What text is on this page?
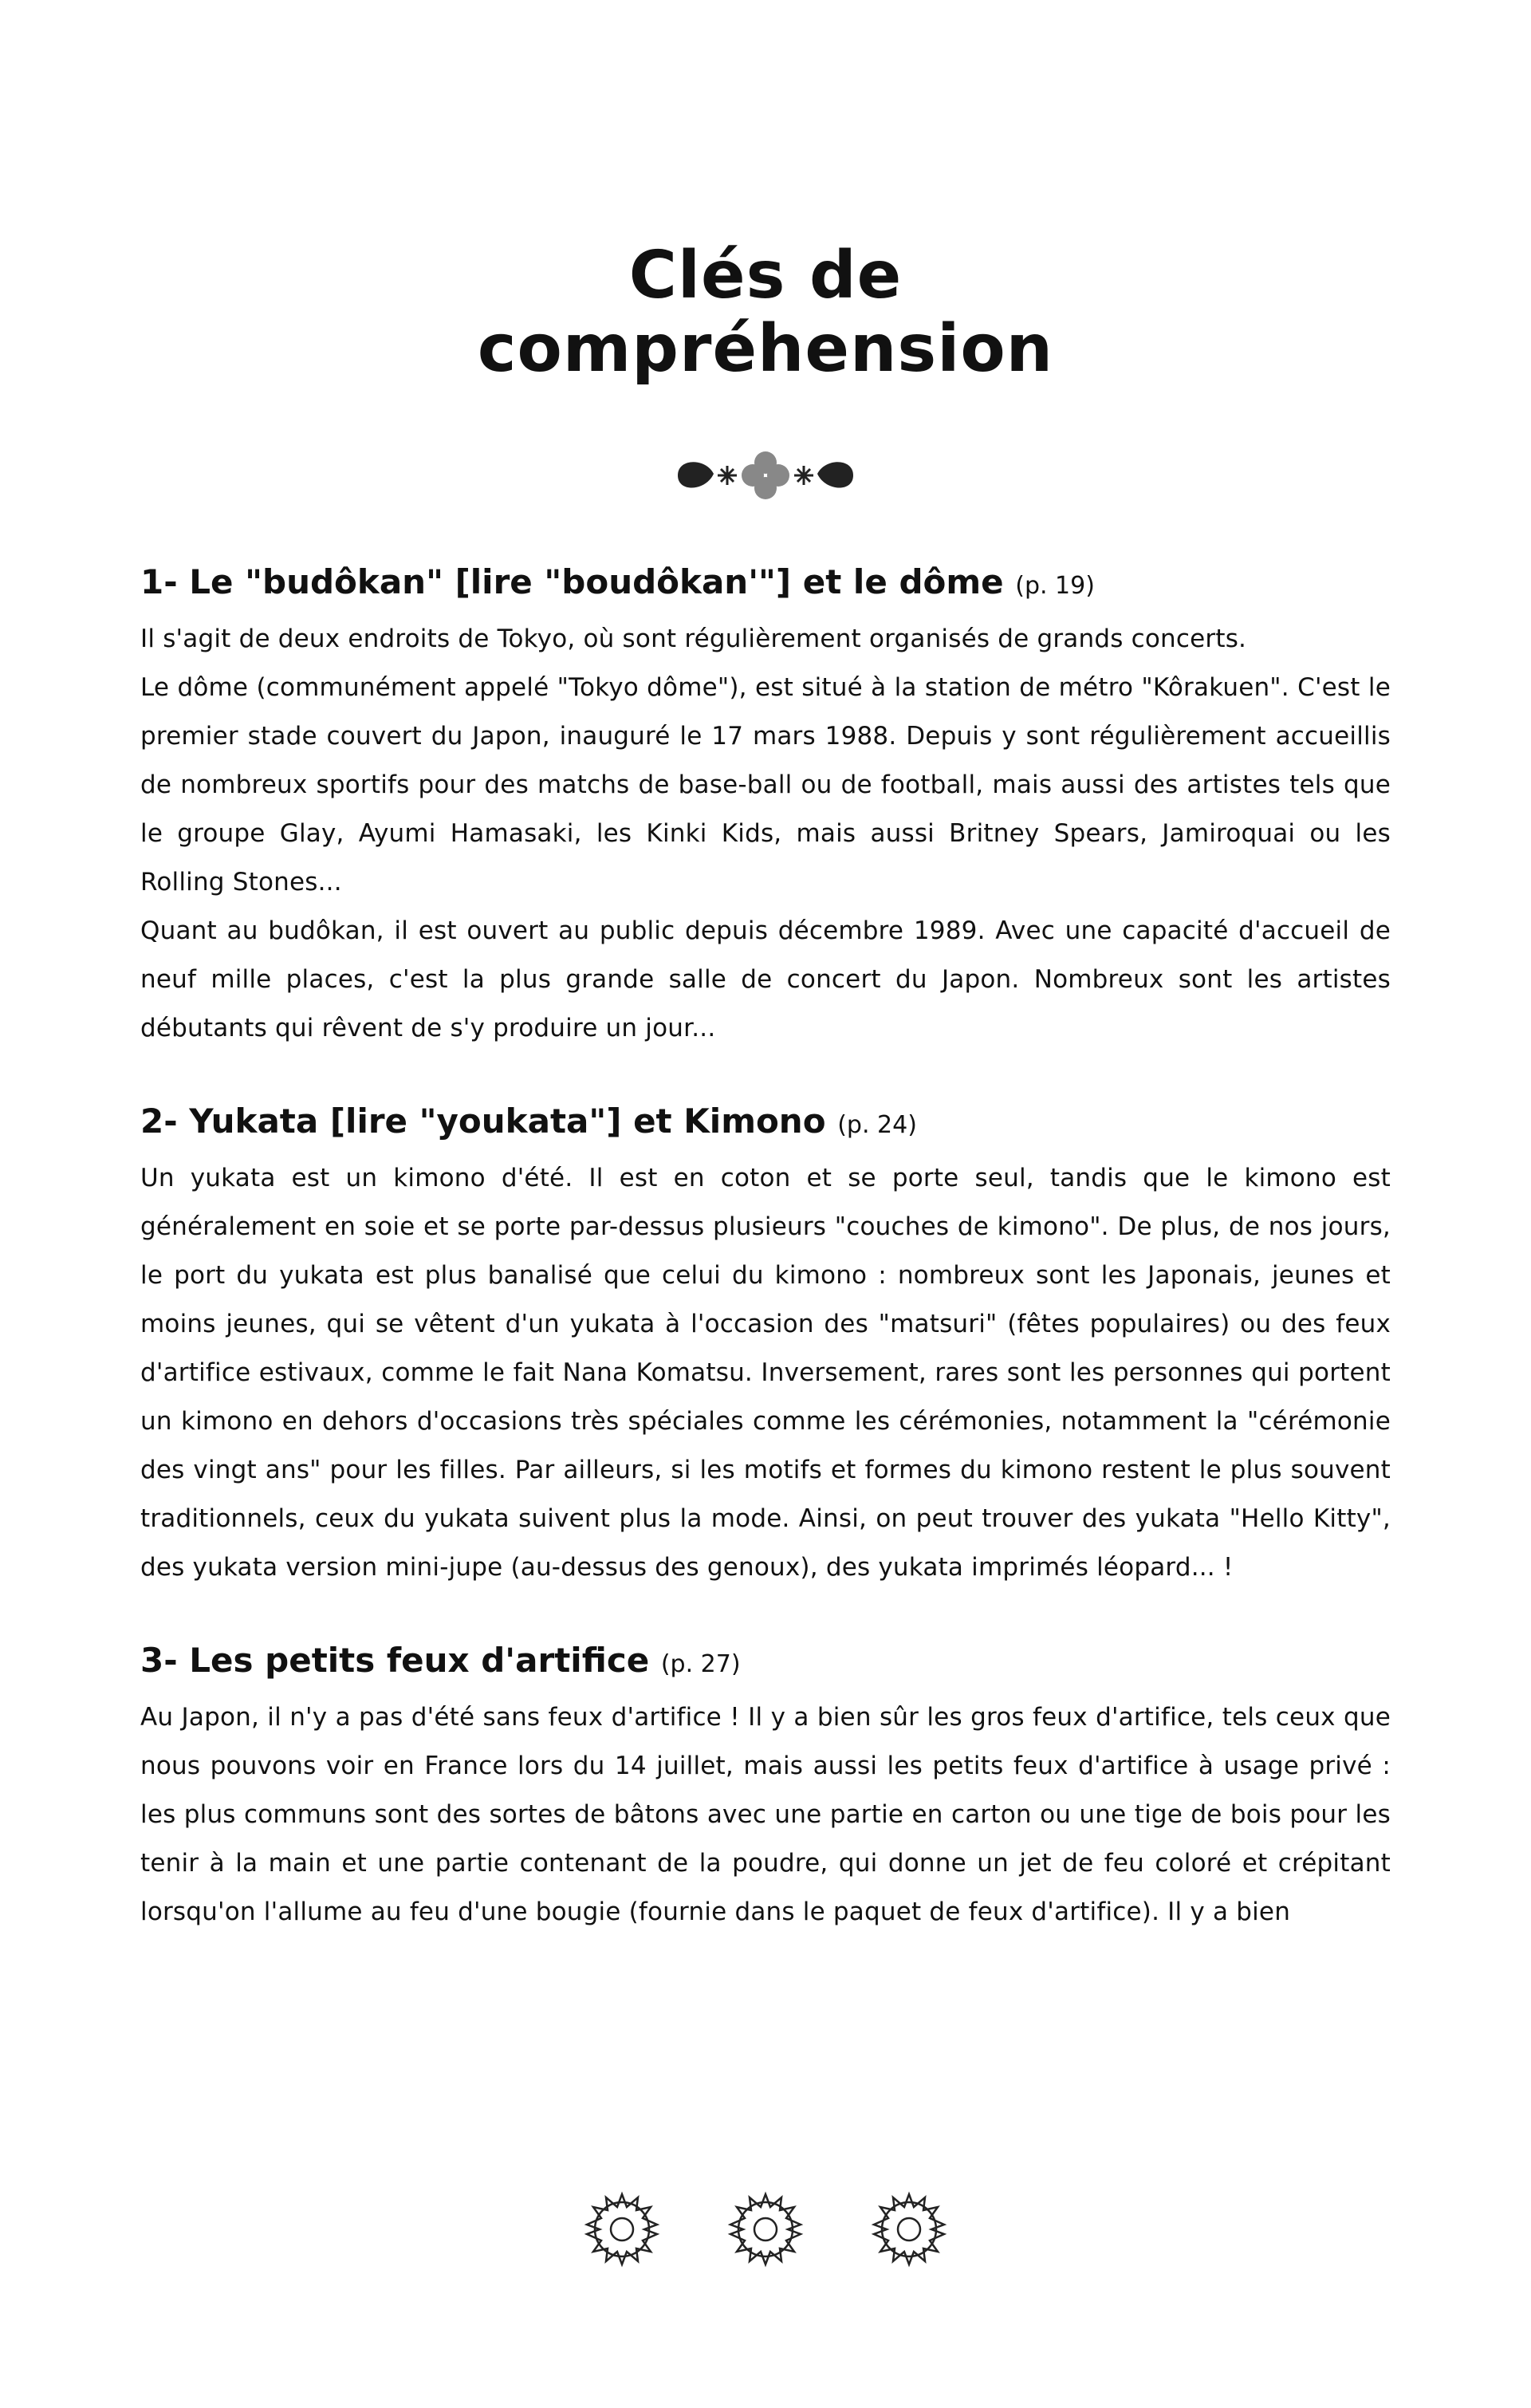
Clés de
compréhension
1- Le "budôkan" [lire "boudôkan'"] et le dôme (p. 19)

Il s'agit de deux endroits de Tokyo, où sont régulièrement organisés de grands concerts.

Le dôme (communément appelé "Tokyo dôme"), est situé à la station de métro "Kôrakuen". C'est le premier stade couvert du Japon, inauguré le 17 mars 1988. Depuis y sont régulièrement accueillis de nombreux sportifs pour des matchs de base-ball ou de football, mais aussi des artistes tels que le groupe Glay, Ayumi Hamasaki, les Kinki Kids, mais aussi Britney Spears, Jamiroquai ou les Rolling Stones...

Quant au budôkan, il est ouvert au public depuis décembre 1989. Avec une capacité d'accueil de neuf mille places, c'est la plus grande salle de concert du Japon. Nombreux sont les artistes débutants qui rêvent de s'y produire un jour...

2- Yukata [lire "youkata"] et Kimono (p. 24)

Un yukata est un kimono d'été. Il est en coton et se porte seul, tandis que le kimono est généralement en soie et se porte par-dessus plusieurs "couches de kimono". De plus, de nos jours, le port du yukata est plus banalisé que celui du kimono : nombreux sont les Japonais, jeunes et moins jeunes, qui se vêtent d'un yukata à l'occasion des "matsuri" (fêtes populaires) ou des feux d'artifice estivaux, comme le fait Nana Komatsu. Inversement, rares sont les personnes qui portent un kimono en dehors d'occasions très spéciales comme les cérémonies, notamment la "cérémonie des vingt ans" pour les filles. Par ailleurs, si les motifs et formes du kimono restent le plus souvent traditionnels, ceux du yukata suivent plus la mode. Ainsi, on peut trouver des yukata "Hello Kitty", des yukata version mini-jupe (au-dessus des genoux), des yukata imprimés léopard... !

3- Les petits feux d'artifice (p. 27)

Au Japon, il n'y a pas d'été sans feux d'artifice ! Il y a bien sûr les gros feux d'artifice, tels ceux que nous pouvons voir en France lors du 14 juillet, mais aussi les petits feux d'artifice à usage privé : les plus communs sont des sortes de bâtons avec une partie en carton ou une tige de bois pour les tenir à la main et une partie contenant de la poudre, qui donne un jet de feu coloré et crépitant lorsqu'on l'allume au feu d'une bougie (fournie dans le paquet de feux d'artifice). Il y a bien
